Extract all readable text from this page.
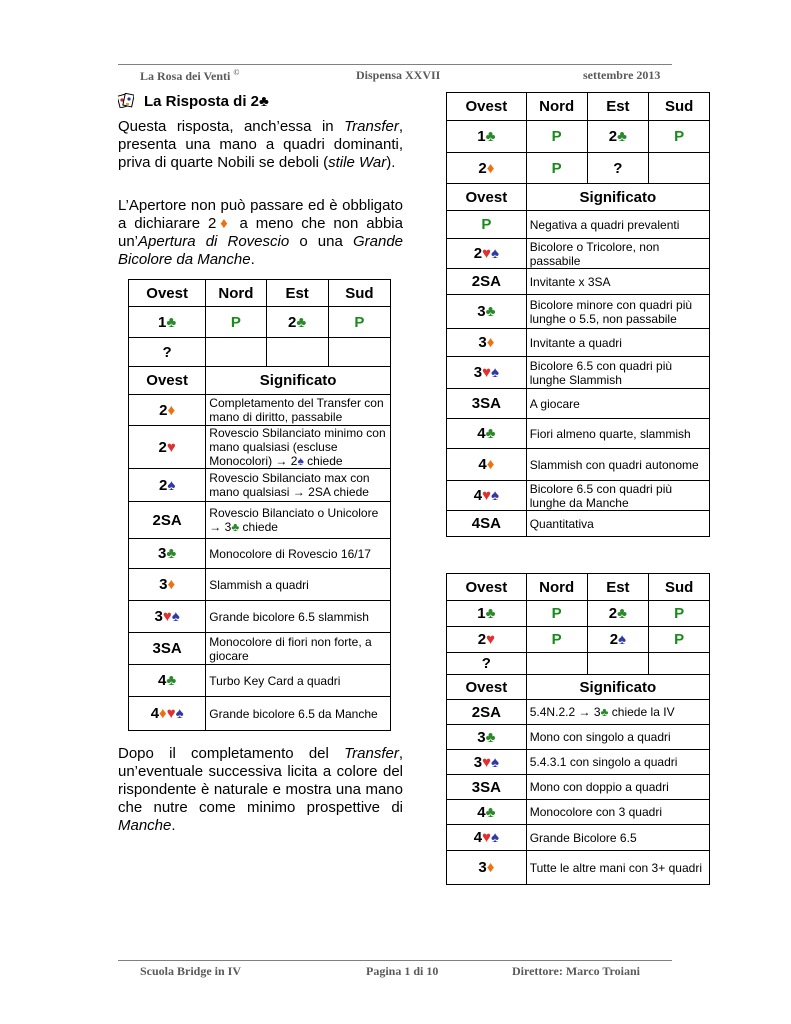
La Rosa dei Venti ©	Dispensa XXVII	settembre 2013
La Risposta di 2♣
Questa risposta, anch’essa in Transfer, presenta una mano a quadri dominanti, priva di quarte Nobili se deboli (stile War).
L’Apertore non può passare ed è obbligato a dichiarare 2♦ a meno che non abbia un’Apertura di Rovescio o una Grande Bicolore da Manche.
Ovest	Nord	Est	Sud
1♣	P	2♣	P
?			
Ovest	Significato		
2♦	Completamento del Transfer con mano di diritto, passabile		
2♥	Rovescio Sbilanciato minimo con mano qualsiasi (escluse Monocolori) → 2♠ chiede		
2♠	Rovescio Sbilanciato max con mano qualsiasi → 2SA chiede		
2SA	Rovescio Bilanciato o Unicolore → 3♣ chiede		
3♣	Monocolore di Rovescio 16/17		
3♦	Slammish a quadri		
3♥♠	Grande bicolore 6.5 slammish		
3SA	Monocolore di fiori non forte, a giocare		
4♣	Turbo Key Card a quadri		
4♦♥♠	Grande bicolore 6.5 da Manche		
Dopo il completamento del Transfer, un’eventuale successiva licita a colore del rispondente è naturale e mostra una mano che nutre come minimo prospettive di Manche.
Ovest	Nord	Est	Sud
1♣	P	2♣	P
2♦	P	?	
Ovest	Significato		
P	Negativa a quadri prevalenti		
2♥♠	Bicolore o Tricolore, non passabile		
2SA	Invitante x 3SA		
3♣	Bicolore minore con quadri più lunghe o 5.5, non passabile		
3♦	Invitante a quadri		
3♥♠	Bicolore 6.5 con quadri più lunghe Slammish		
3SA	A giocare		
4♣	Fiori almeno quarte, slammish		
4♦	Slammish con quadri autonome		
4♥♠	Bicolore 6.5 con quadri più lunghe da Manche		
4SA	Quantitativa		
Ovest	Nord	Est	Sud
1♣	P	2♣	P
2♥	P	2♠	P
?			
Ovest	Significato		
2SA	5.4N.2.2 → 3♣ chiede la IV		
3♣	Mono con singolo a quadri		
3♥♠	5.4.3.1 con singolo a quadri		
3SA	Mono con doppio a quadri		
4♣	Monocolore con 3 quadri		
4♥♠	Grande Bicolore 6.5		
3♦	Tutte le altre mani con 3+ quadri		
Scuola Bridge in IV	Pagina 1 di 10	Direttore: Marco Troiani
